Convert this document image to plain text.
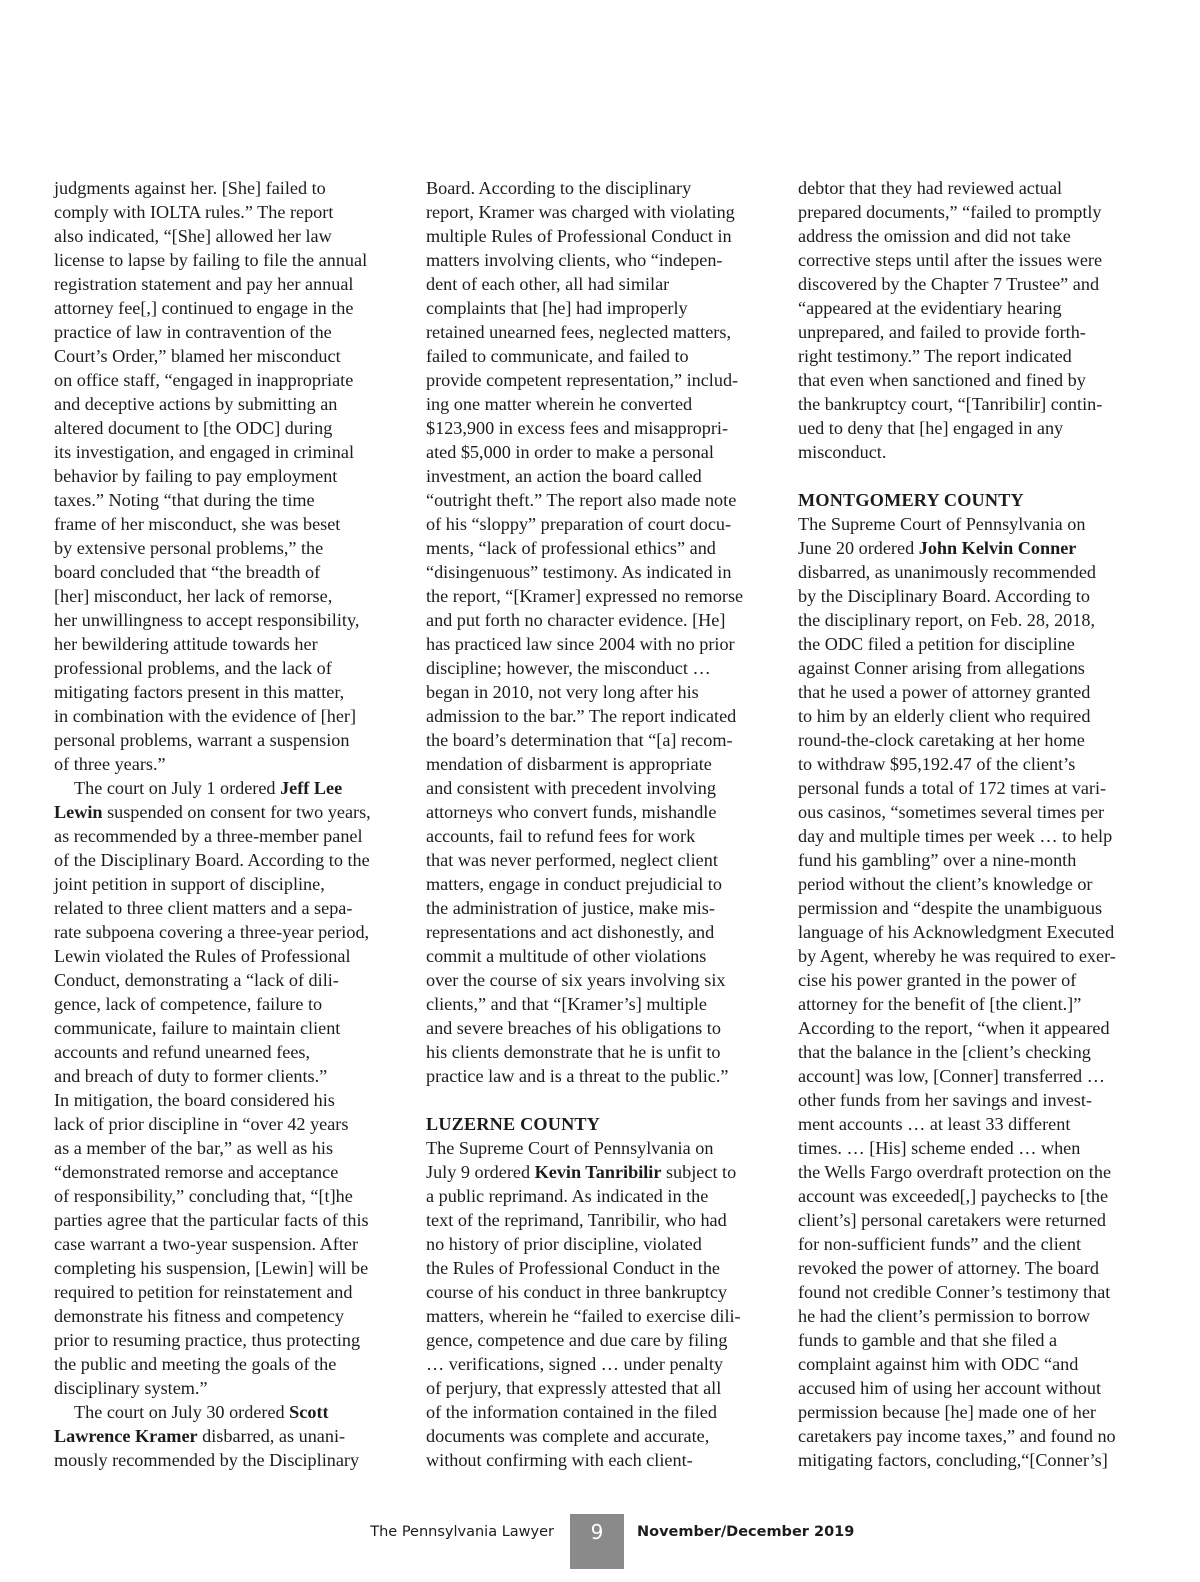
judgments against her. [She] failed to
comply with IOLTA rules.” The report
also indicated, “[She] allowed her law
license to lapse by failing to file the annual
registration statement and pay her annual
attorney fee[,] continued to engage in the
practice of law in contravention of the
Court’s Order,” blamed her misconduct
on office staff, “engaged in inappropriate
and deceptive actions by submitting an
altered document to [the ODC] during
its investigation, and engaged in criminal
behavior by failing to pay employment
taxes.” Noting “that during the time
frame of her misconduct, she was beset
by extensive personal problems,” the
board concluded that “the breadth of
[her] misconduct, her lack of remorse,
her unwillingness to accept responsibility,
her bewildering attitude towards her
professional problems, and the lack of
mitigating factors present in this matter,
in combination with the evidence of [her]
personal problems, warrant a suspension
of three years.”
The court on July 1 ordered Jeff Lee
Lewin suspended on consent for two years,
as recommended by a three-member panel
of the Disciplinary Board. According to the
joint petition in support of discipline,
related to three client matters and a sepa-
rate subpoena covering a three-year period,
Lewin violated the Rules of Professional
Conduct, demonstrating a “lack of dili-
gence, lack of competence, failure to
communicate, failure to maintain client
accounts and refund unearned fees,
and breach of duty to former clients.”
In mitigation, the board considered his
lack of prior discipline in “over 42 years
as a member of the bar,” as well as his
“demonstrated remorse and acceptance
of responsibility,” concluding that, “[t]he
parties agree that the particular facts of this
case warrant a two-year suspension. After
completing his suspension, [Lewin] will be
required to petition for reinstatement and
demonstrate his fitness and competency
prior to resuming practice, thus protecting
the public and meeting the goals of the
disciplinary system.”
The court on July 30 ordered Scott
Lawrence Kramer disbarred, as unani-
mously recommended by the Disciplinary
Board. According to the disciplinary
report, Kramer was charged with violating
multiple Rules of Professional Conduct in
matters involving clients, who “indepen-
dent of each other, all had similar
complaints that [he] had improperly
retained unearned fees, neglected matters,
failed to communicate, and failed to
provide competent representation,” includ-
ing one matter wherein he converted
$123,900 in excess fees and misappropri-
ated $5,000 in order to make a personal
investment, an action the board called
“outright theft.” The report also made note
of his “sloppy” preparation of court docu-
ments, “lack of professional ethics” and
“disingenuous” testimony. As indicated in
the report, “[Kramer] expressed no remorse
and put forth no character evidence. [He]
has practiced law since 2004 with no prior
discipline; however, the misconduct …
began in 2010, not very long after his
admission to the bar.” The report indicated
the board’s determination that “[a] recom-
mendation of disbarment is appropriate
and consistent with precedent involving
attorneys who convert funds, mishandle
accounts, fail to refund fees for work
that was never performed, neglect client
matters, engage in conduct prejudicial to
the administration of justice, make mis-
representations and act dishonestly, and
commit a multitude of other violations
over the course of six years involving six
clients,” and that “[Kramer’s] multiple
and severe breaches of his obligations to
his clients demonstrate that he is unfit to
practice law and is a threat to the public.”
LUZERNE COUNTY
The Supreme Court of Pennsylvania on
July 9 ordered Kevin Tanribilir subject to
a public reprimand. As indicated in the
text of the reprimand, Tanribilir, who had
no history of prior discipline, violated
the Rules of Professional Conduct in the
course of his conduct in three bankruptcy
matters, wherein he “failed to exercise dili-
gence, competence and due care by filing
… verifications, signed … under penalty
of perjury, that expressly attested that all
of the information contained in the filed
documents was complete and accurate,
without confirming with each client-
debtor that they had reviewed actual
prepared documents,” “failed to promptly
address the omission and did not take
corrective steps until after the issues were
discovered by the Chapter 7 Trustee” and
“appeared at the evidentiary hearing
unprepared, and failed to provide forth-
right testimony.” The report indicated
that even when sanctioned and fined by
the bankruptcy court, “[Tanribilir] contin-
ued to deny that [he] engaged in any
misconduct.
MONTGOMERY COUNTY
The Supreme Court of Pennsylvania on
June 20 ordered John Kelvin Conner
disbarred, as unanimously recommended
by the Disciplinary Board. According to
the disciplinary report, on Feb. 28, 2018,
the ODC filed a petition for discipline
against Conner arising from allegations
that he used a power of attorney granted
to him by an elderly client who required
round-the-clock caretaking at her home
to withdraw $95,192.47 of the client’s
personal funds a total of 172 times at vari-
ous casinos, “sometimes several times per
day and multiple times per week … to help
fund his gambling” over a nine-month
period without the client’s knowledge or
permission and “despite the unambiguous
language of his Acknowledgment Executed
by Agent, whereby he was required to exer-
cise his power granted in the power of
attorney for the benefit of [the client.]”
According to the report, “when it appeared
that the balance in the [client’s checking
account] was low, [Conner] transferred …
other funds from her savings and invest-
ment accounts … at least 33 different
times. … [His] scheme ended … when
the Wells Fargo overdraft protection on the
account was exceeded[,] paychecks to [the
client’s] personal caretakers were returned
for non-sufficient funds” and the client
revoked the power of attorney. The board
found not credible Conner’s testimony that
he had the client’s permission to borrow
funds to gamble and that she filed a
complaint against him with ODC “and
accused him of using her account without
permission because [he] made one of her
caretakers pay income taxes,” and found no
mitigating factors, concluding,“[Conner’s]
The Pennsylvania Lawyer	9	November/December 2019
